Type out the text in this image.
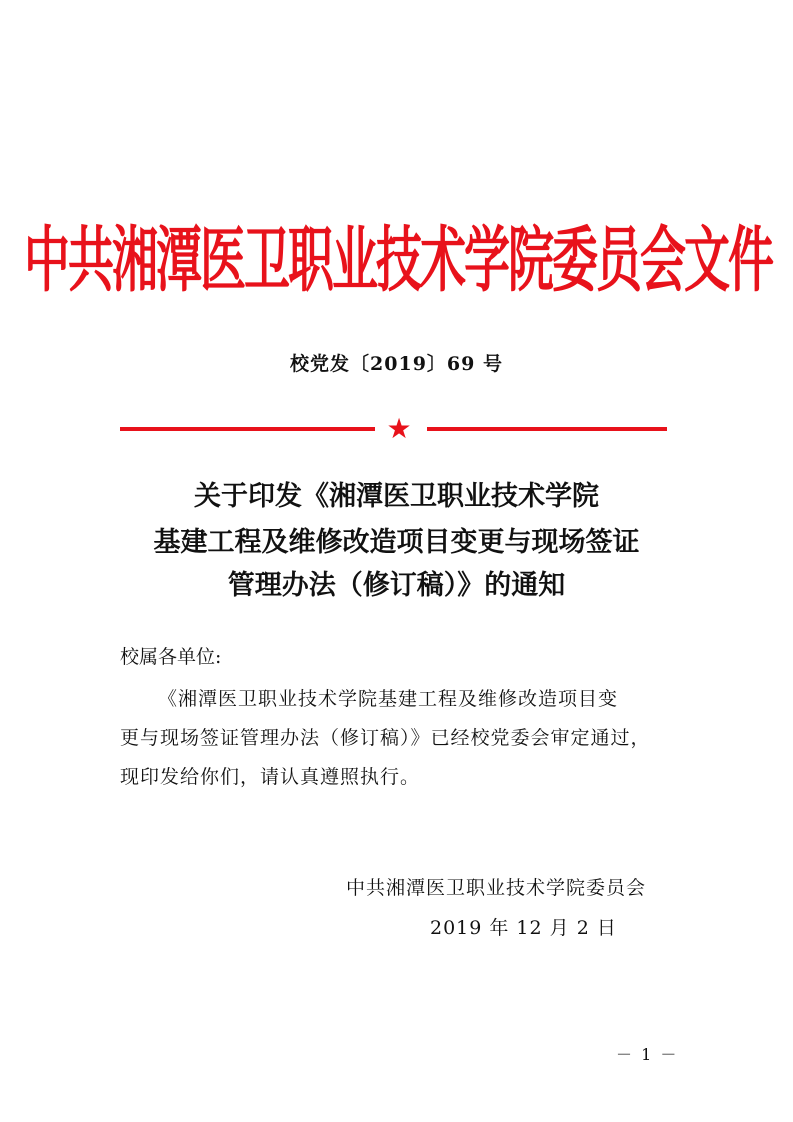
中共湘潭医卫职业技术学院委员会文件
校党发〔2019〕69 号
★
关于印发《湘潭医卫职业技术学院
基建工程及维修改造项目变更与现场签证
管理办法（修订稿）》的通知
校属各单位:
《湘潭医卫职业技术学院基建工程及维修改造项目变
更与现场签证管理办法（修订稿）》已经校党委会审定通过，
现印发给你们，请认真遵照执行。
中共湘潭医卫职业技术学院委员会
2019 年 12 月 2 日
－ 1 －
